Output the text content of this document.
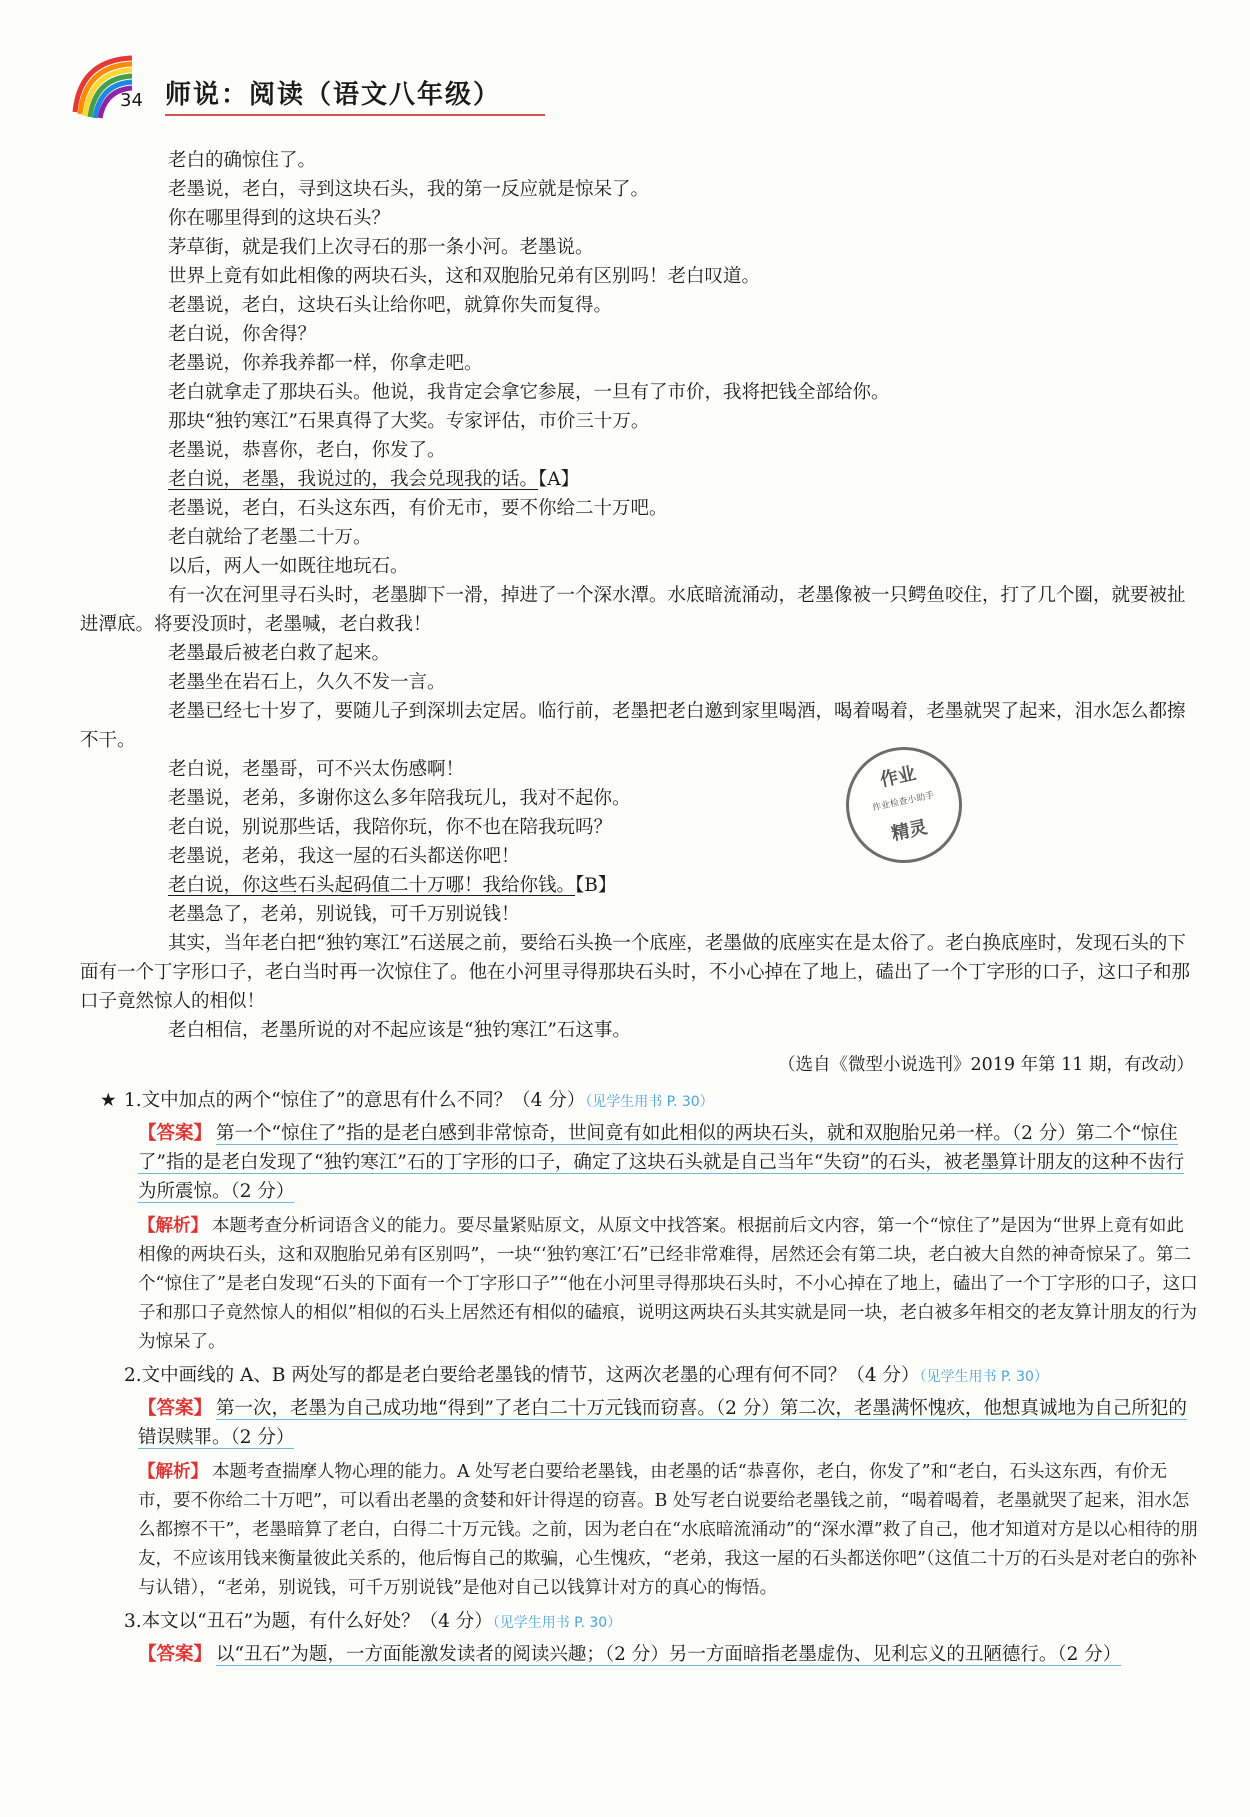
34 师说：阅读（语文八年级）

老白的确惊住了。

老墨说，老白，寻到这块石头，我的第一反应就是惊呆了。

你在哪里得到的这块石头？

茅草街，就是我们上次寻石的那一条小河。老墨说。

世界上竟有如此相像的两块石头，这和双胞胎兄弟有区别吗！老白叹道。

老墨说，老白，这块石头让给你吧，就算你失而复得。

老白说，你舍得？

老墨说，你养我养都一样，你拿走吧。

老白就拿走了那块石头。他说，我肯定会拿它参展，一旦有了市价，我将把钱全部给你。

那块“独钓寒江”石果真得了大奖。专家评估，市价三十万。

老墨说，恭喜你，老白，你发了。

老白说，老墨，我说过的，我会兑现我的话。【A】

老墨说，老白，石头这东西，有价无市，要不你给二十万吧。

老白就给了老墨二十万。

以后，两人一如既往地玩石。

有一次在河里寻石头时，老墨脚下一滑，掉进了一个深水潭。水底暗流涌动，老墨像被一只鳄鱼咬住，打了几个圈，就要被扯进潭底。将要没顶时，老墨喊，老白救我！

老墨最后被老白救了起来。

老墨坐在岩石上，久久不发一言。

老墨已经七十岁了，要随儿子到深圳去定居。临行前，老墨把老白邀到家里喝酒，喝着喝着，老墨就哭了起来，泪水怎么都擦不干。

老白说，老墨哥，可不兴太伤感啊！

老墨说，老弟，多谢你这么多年陪我玩儿，我对不起你。

老白说，别说那些话，我陪你玩，你不也在陪我玩吗？

老墨说，老弟，我这一屋的石头都送你吧！

老白说，你这些石头起码值二十万哪！我给你钱。【B】

老墨急了，老弟，别说钱，可千万别说钱！

其实，当年老白把“独钓寒江”石送展之前，要给石头换一个底座，老墨做的底座实在是太俗了。老白换底座时，发现石头的下面有一个丁字形口子，老白当时再一次惊住了。他在小河里寻得那块石头时，不小心掉在了地上，磕出了一个丁字形的口子，这口子和那口子竟然惊人的相似！

老白相信，老墨所说的对不起应该是“独钓寒江”石这事。

（选自《微型小说选刊》2019 年第 11 期，有改动）

作业
作业检查小助手
精灵

★ 1.文中加点的两个“惊住了”的意思有什么不同？（4 分）（见学生用书 P. 30）

【答案】 第一个“惊住了”指的是老白感到非常惊奇，世间竟有如此相似的两块石头，就和双胞胎兄弟一样。（2 分）第二个“惊住了”指的是老白发现了“独钓寒江”石的丁字形的口子，确定了这块石头就是自己当年“失窃”的石头，被老墨算计朋友的这种不齿行为所震惊。（2 分）

【解析】 本题考查分析词语含义的能力。要尽量紧贴原文，从原文中找答案。根据前后文内容，第一个“惊住了”是因为“世界上竟有如此相像的两块石头，这和双胞胎兄弟有区别吗”，一块“‘独钓寒江’石”已经非常难得，居然还会有第二块，老白被大自然的神奇惊呆了。第二个“惊住了”是老白发现“石头的下面有一个丁字形口子”“他在小河里寻得那块石头时，不小心掉在了地上，磕出了一个丁字形的口子，这口子和那口子竟然惊人的相似”相似的石头上居然还有相似的磕痕，说明这两块石头其实就是同一块，老白被多年相交的老友算计朋友的行为为惊呆了。

2.文中画线的 A、B 两处写的都是老白要给老墨钱的情节，这两次老墨的心理有何不同？（4 分）（见学生用书 P. 30）

【答案】 第一次，老墨为自己成功地“得到”了老白二十万元钱而窃喜。（2 分）第二次，老墨满怀愧疚，他想真诚地为自己所犯的错误赎罪。（2 分）

【解析】 本题考查揣摩人物心理的能力。A 处写老白要给老墨钱，由老墨的话“恭喜你，老白，你发了”和“老白，石头这东西，有价无市，要不你给二十万吧”，可以看出老墨的贪婪和奸计得逞的窃喜。B 处写老白说要给老墨钱之前，“喝着喝着，老墨就哭了起来，泪水怎么都擦不干”，老墨暗算了老白，白得二十万元钱。之前，因为老白在“水底暗流涌动”的“深水潭”救了自己，他才知道对方是以心相待的朋友，不应该用钱来衡量彼此关系的，他后悔自己的欺骗，心生愧疚，“老弟，我这一屋的石头都送你吧”（这值二十万的石头是对老白的弥补与认错），“老弟，别说钱，可千万别说钱”是他对自己以钱算计对方的真心的悔悟。

3.本文以“丑石”为题，有什么好处？（4 分）（见学生用书 P. 30）

【答案】 以“丑石”为题，一方面能激发读者的阅读兴趣；（2 分）另一方面暗指老墨虚伪、见利忘义的丑陋德行。（2 分）
